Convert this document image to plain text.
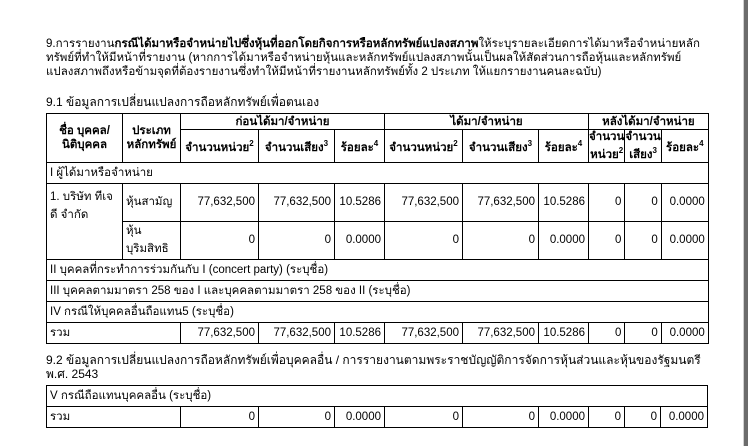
9.การรายงานกรณีได้มาหรือจำหน่ายไปซึ่งหุ้นที่ออกโดยกิจการหรือหลักทรัพย์แปลงสภาพให้ระบุรายละเอียดการได้มาหรือจำหน่ายหลักทรัพย์ที่ทำให้มีหน้าที่รายงาน (หากการได้มาหรือจำหน่ายหุ้นและหลักทรัพย์แปลงสภาพนั้นเป็นผลให้สัดส่วนการถือหุ้นและหลักทรัพย์แปลงสภาพถึงหรือข้ามจุดที่ต้องรายงานซึ่งทำให้มีหน้าที่รายงานหลักทรัพย์ทั้ง 2 ประเภท ให้แยกรายงานคนละฉบับ)
9.1 ข้อมูลการเปลี่ยนแปลงการถือหลักทรัพย์เพื่อตนเอง
ชื่อ บุคคล/นิติบุคคล	ประเภท หลักทรัพย์	ก่อนได้มา/จำหน่าย			ได้มา/จำหน่าย			หลังได้มา/จำหน่าย		
		จำนวนหน่วย$^2$	จำนวนเสียง$^3$	ร้อยละ$^4$	จำนวนหน่วย$^2$	จำนวนเสียง$^3$	ร้อยละ$^4$	จำนวน หน่วย$^2$	จำนวน เสียง$^3$	ร้อยละ$^4$
I ผู้ได้มาหรือจำหน่าย										
1. บริษัท ทีเจดี จำกัด	หุ้นสามัญ	77,632,500	77,632,500	10.5286	77,632,500	77,632,500	10.5286	0	0	0.0000
	หุ้นบุริมสิทธิ	0	0	0.0000	0	0	0.0000	0	0	0.0000
II บุคคลที่กระทำการร่วมกันกับ I (concert party) (ระบุชื่อ)										
III บุคคลตามมาตรา 258 ของ I และบุคคลตามมาตรา 258 ของ II (ระบุชื่อ)										
IV กรณีให้บุคคลอื่นถือแทน5 (ระบุชื่อ)										
รวม		77,632,500	77,632,500	10.5286	77,632,500	77,632,500	10.5286	0	0	0.0000
9.2 ข้อมูลการเปลี่ยนแปลงการถือหลักทรัพย์เพื่อบุคคลอื่น / การรายงานตามพระราชบัญญัติการจัดการหุ้นส่วนและหุ้นของรัฐมนตรี พ.ศ. 2543
V กรณีถือแทนบุคคลอื่น (ระบุชื่อ)
รวม	0	0	0.0000	0	0	0.0000	0	0	0.0000
